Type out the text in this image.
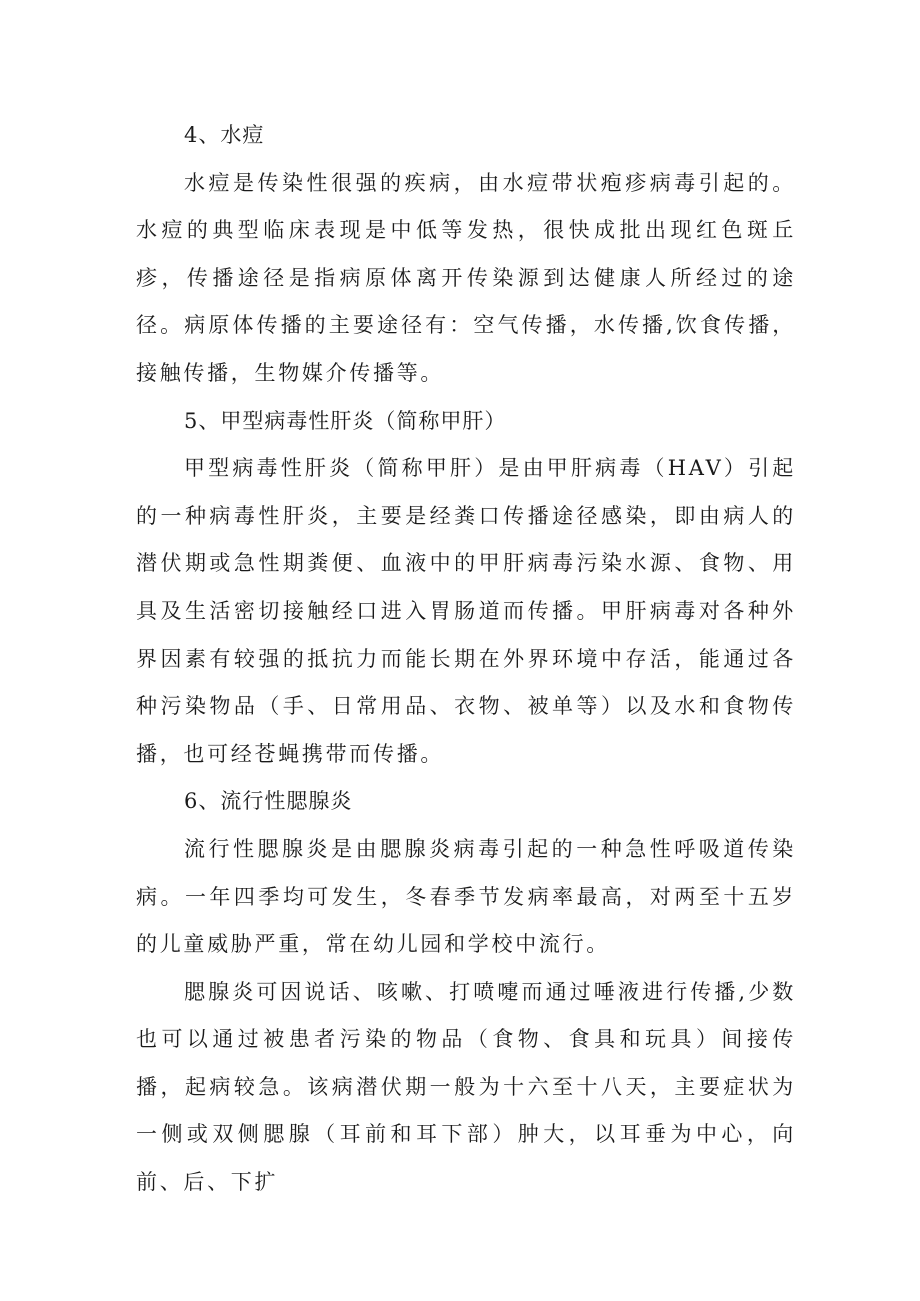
4、水痘

水痘是传染性很强的疾病，由水痘带状疱疹病毒引起的。水痘的典型临床表现是中低等发热，很快成批出现红色斑丘疹，传播途径是指病原体离开传染源到达健康人所经过的途径。病原体传播的主要途径有：空气传播，水传播,饮食传播，接触传播，生物媒介传播等。

5、甲型病毒性肝炎（简称甲肝）

甲型病毒性肝炎（简称甲肝）是由甲肝病毒（HAV）引起的一种病毒性肝炎，主要是经粪口传播途径感染，即由病人的潜伏期或急性期粪便、血液中的甲肝病毒污染水源、食物、用具及生活密切接触经口进入胃肠道而传播。甲肝病毒对各种外界因素有较强的抵抗力而能长期在外界环境中存活，能通过各种污染物品（手、日常用品、衣物、被单等）以及水和食物传播，也可经苍蝇携带而传播。

6、流行性腮腺炎

流行性腮腺炎是由腮腺炎病毒引起的一种急性呼吸道传染病。一年四季均可发生，冬春季节发病率最高，对两至十五岁的儿童威胁严重，常在幼儿园和学校中流行。

腮腺炎可因说话、咳嗽、打喷嚏而通过唾液进行传播,少数也可以通过被患者污染的物品（食物、食具和玩具）间接传播，起病较急。该病潜伏期一般为十六至十八天，主要症状为一侧或双侧腮腺（耳前和耳下部）肿大，以耳垂为中心，向前、后、下扩
